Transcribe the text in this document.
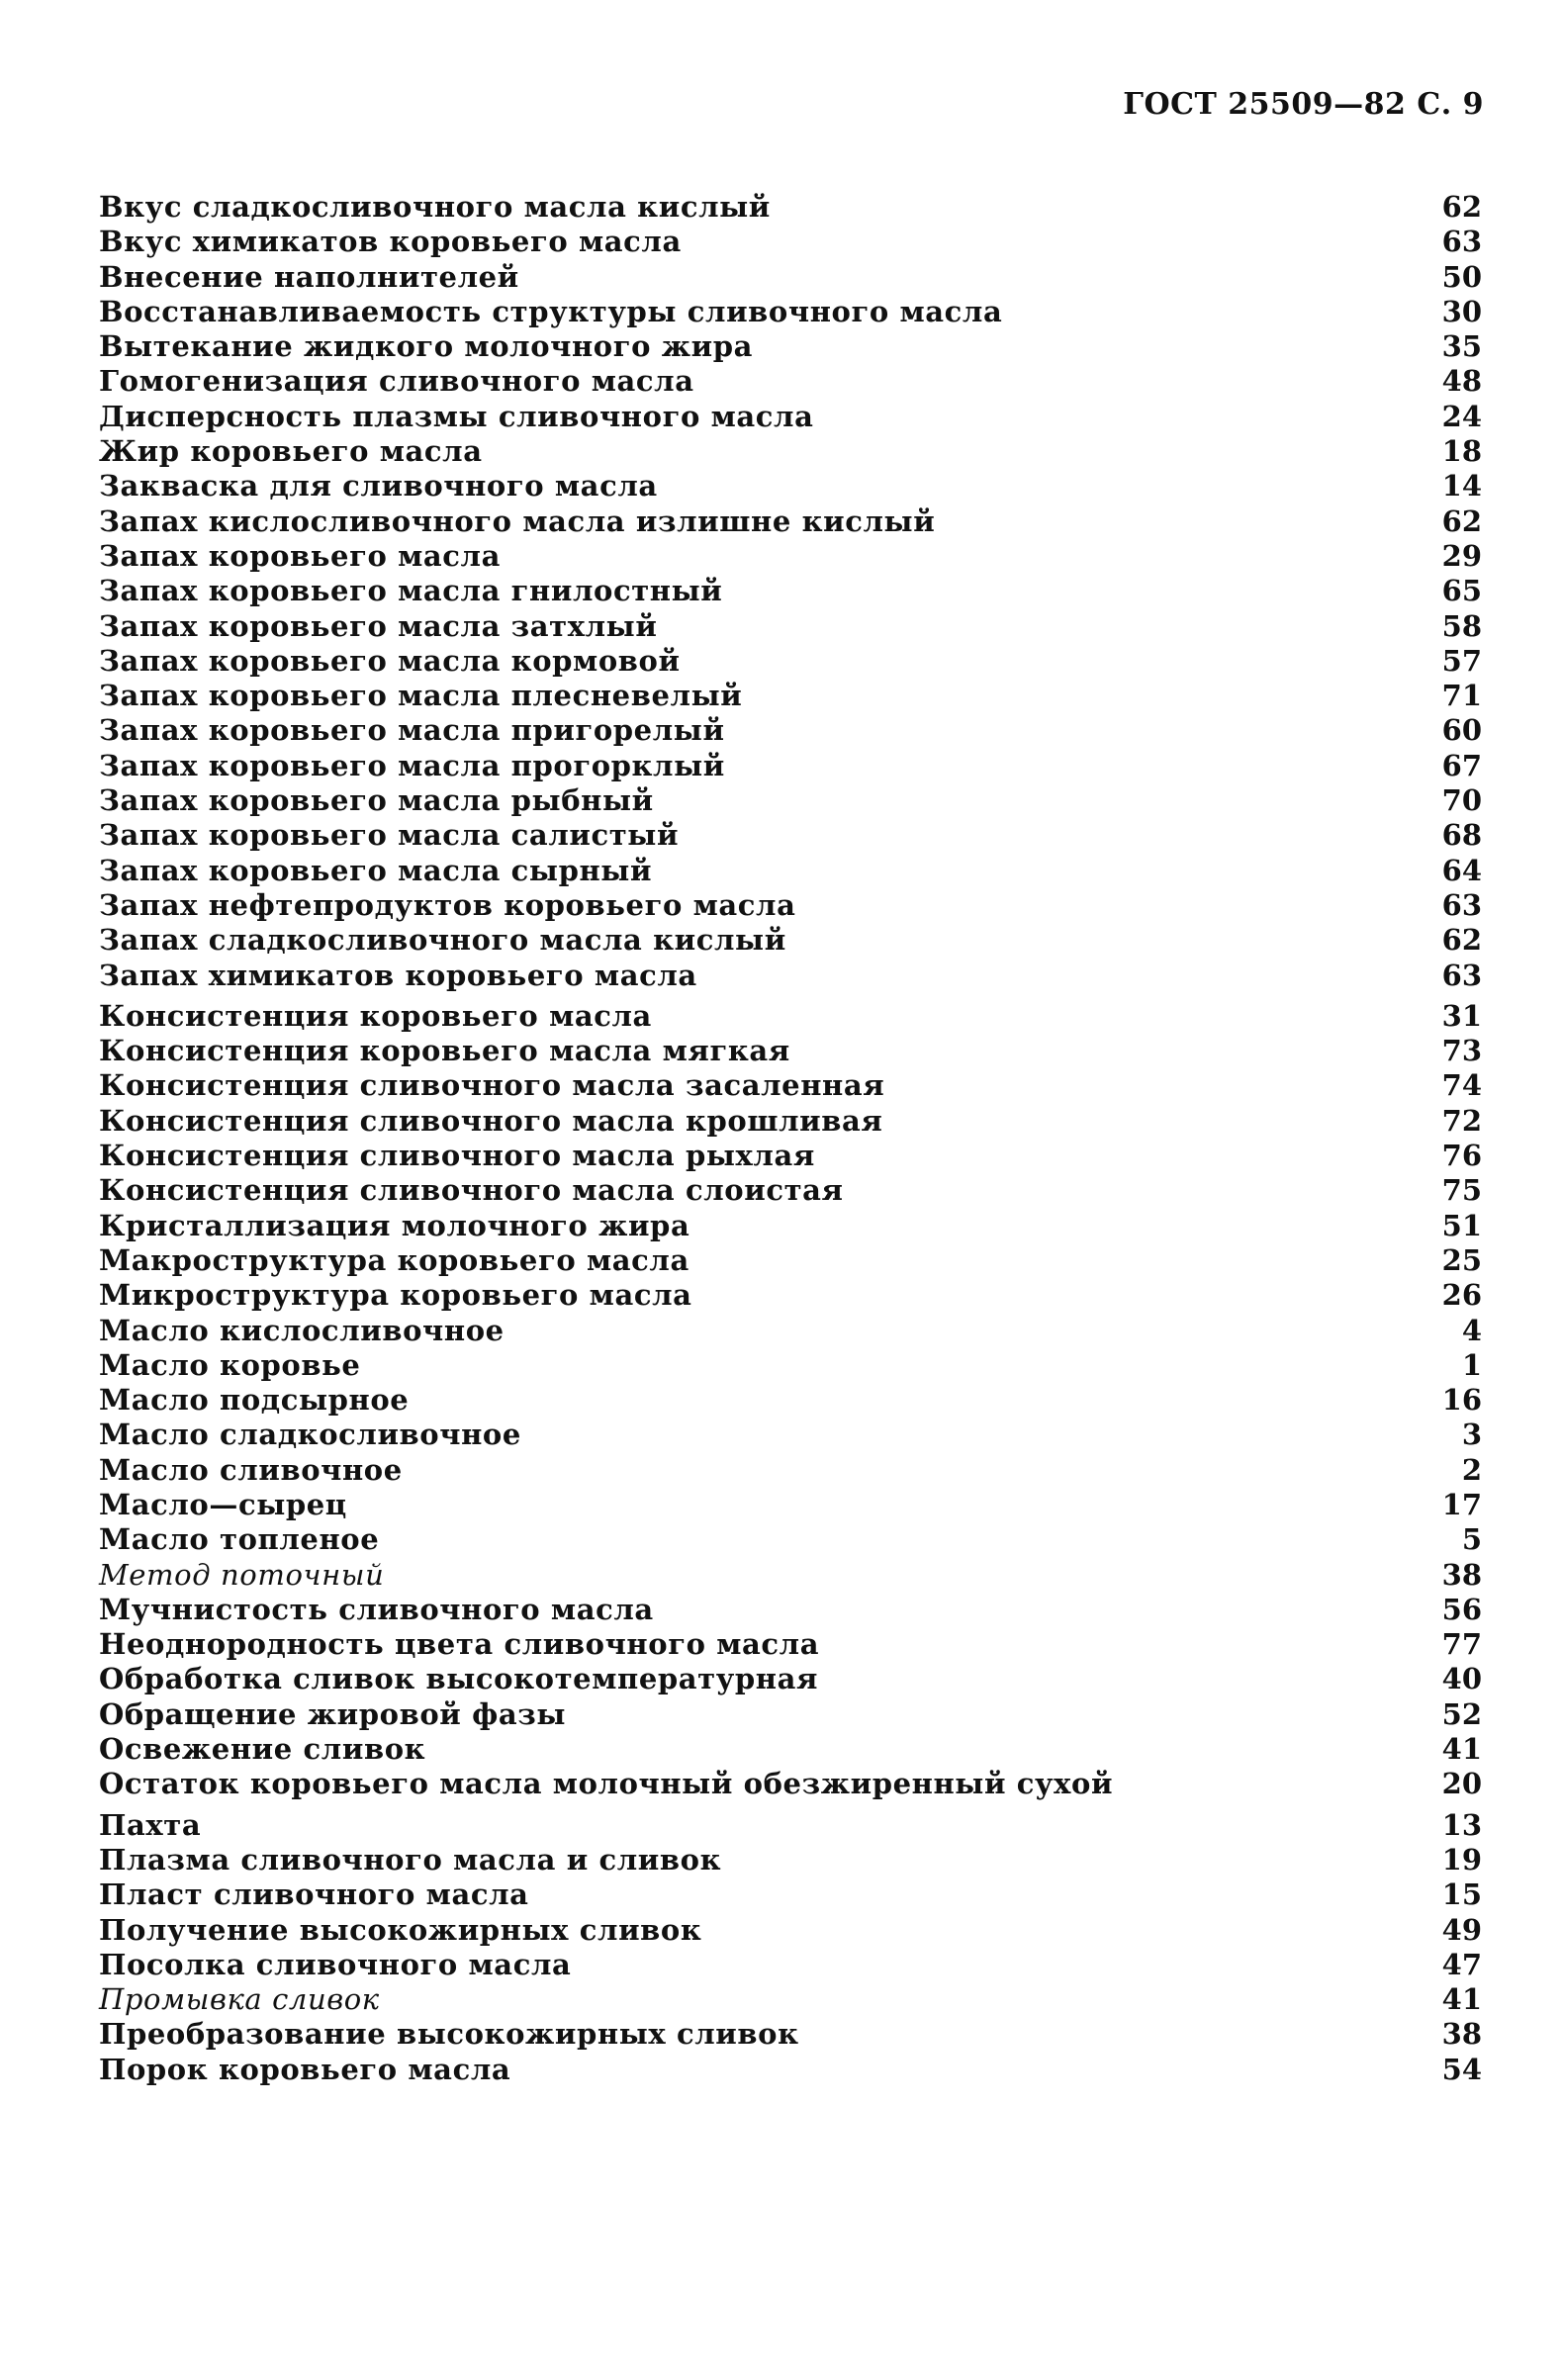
ГОСТ 25509—82 С. 9
Вкус сладкосливочного масла кислый	62
Вкус химикатов коровьего масла	63
Внесение наполнителей	50
Восстанавливаемость структуры сливочного масла	30
Вытекание жидкого молочного жира	35
Гомогенизация сливочного масла	48
Дисперсность плазмы сливочного масла	24
Жир коровьего масла	18
Закваска для сливочного масла	14
Запах кислосливочного масла излишне кислый	62
Запах коровьего масла	29
Запах коровьего масла гнилостный	65
Запах коровьего масла затхлый	58
Запах коровьего масла кормовой	57
Запах коровьего масла плесневелый	71
Запах коровьего масла пригорелый	60
Запах коровьего масла прогорклый	67
Запах коровьего масла рыбный	70
Запах коровьего масла салистый	68
Запах коровьего масла сырный	64
Запах нефтепродуктов коровьего масла	63
Запах сладкосливочного масла кислый	62
Запах химикатов коровьего масла	63
Консистенция коровьего масла	31
Консистенция коровьего масла мягкая	73
Консистенция сливочного масла засаленная	74
Консистенция сливочного масла крошливая	72
Консистенция сливочного масла рыхлая	76
Консистенция сливочного масла слоистая	75
Кристаллизация молочного жира	51
Макроструктура коровьего масла	25
Микроструктура коровьего масла	26
Масло кислосливочное	4
Масло коровье	1
Масло подсырное	16
Масло сладкосливочное	3
Масло сливочное	2
Масло—сырец	17
Масло топленое	5
Метод поточный	38
Мучнистость сливочного масла	56
Неоднородность цвета сливочного масла	77
Обработка сливок высокотемпературная	40
Обращение жировой фазы	52
Освежение сливок	41
Остаток коровьего масла молочный обезжиренный сухой	20
Пахта	13
Плазма сливочного масла и сливок	19
Пласт сливочного масла	15
Получение высокожирных сливок	49
Посолка сливочного масла	47
Промывка сливок	41
Преобразование высокожирных сливок	38
Порок коровьего масла	54
